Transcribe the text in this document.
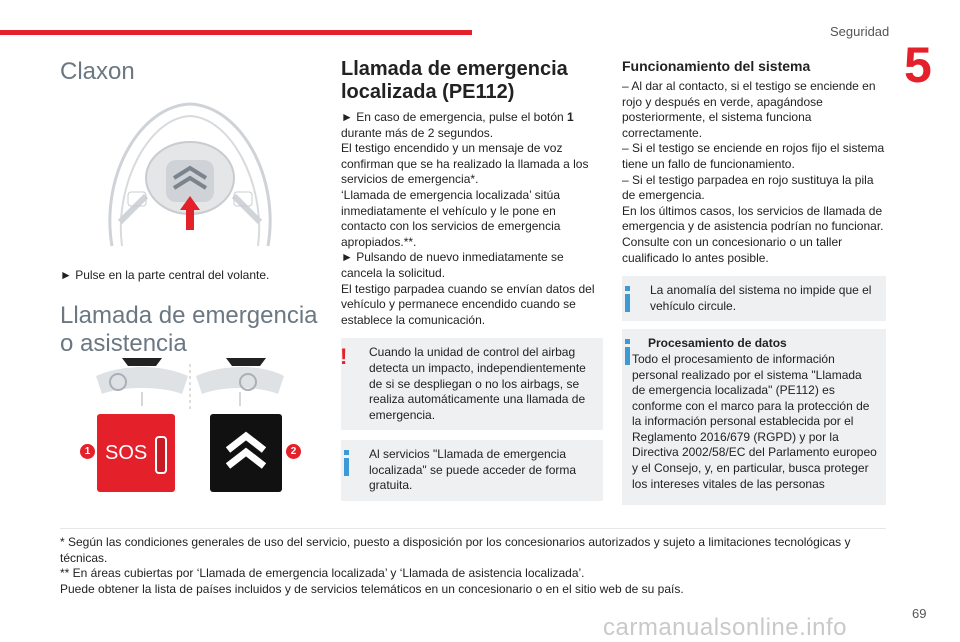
Seguridad
5
Claxon
► Pulse en la parte central del volante.
Llamada de emergencia o asistencia
SOS
1	2
Llamada de emergencia localizada (PE112)
► En caso de emergencia, pulse el botón 1 durante más de 2 segundos.

El testigo encendido y un mensaje de voz confirman que se ha realizado la llamada a los servicios de emergencia*.

‘Llamada de emergencia localizada’ sitúa inmediatamente el vehículo y le pone en contacto con los servicios de emergencia apropiados.**.

► Pulsando de nuevo inmediatamente se cancela la solicitud.

El testigo parpadea cuando se envían datos del vehículo y permanece encendido cuando se establece la comunicación.

!	Cuando la unidad de control del airbag detecta un impacto, independientemente de si se despliegan o no los airbags, se realiza automáticamente una llamada de emergencia.
Al servicios "Llamada de emergencia localizada" se puede acceder de forma gratuita.
Funcionamiento del sistema

– Al dar al contacto, si el testigo se enciende en rojo y después en verde, apagándose posteriormente, el sistema funciona correctamente.

– Si el testigo se enciende en rojos fijo el sistema tiene un fallo de funcionamiento.

– Si el testigo parpadea en rojo sustituya la pila de emergencia.

En los últimos casos, los servicios de llamada de emergencia y de asistencia podrían no funcionar.

Consulte con un concesionario o un taller cualificado lo antes posible.

La anomalía del sistema no impide que el vehículo circule.
Procesamiento de datos
Todo el procesamiento de información personal realizado por el sistema "Llamada de emergencia localizada" (PE112) es conforme con el marco para la protección de la información personal establecida por el Reglamento 2016/679 (RGPD) y por la Directiva 2002/58/EC del Parlamento europeo y el Consejo, y, en particular, busca proteger los intereses vitales de las personas
* Según las condiciones generales de uso del servicio, puesto a disposición por los concesionarios autorizados y sujeto a limitaciones tecnológicas y técnicas.
** En áreas cubiertas por ‘Llamada de emergencia localizada’ y ‘Llamada de asistencia localizada’.
Puede obtener la lista de países incluidos y de servicios telemáticos en un concesionario o en el sitio web de su país.
carmanualsonline.info
69
